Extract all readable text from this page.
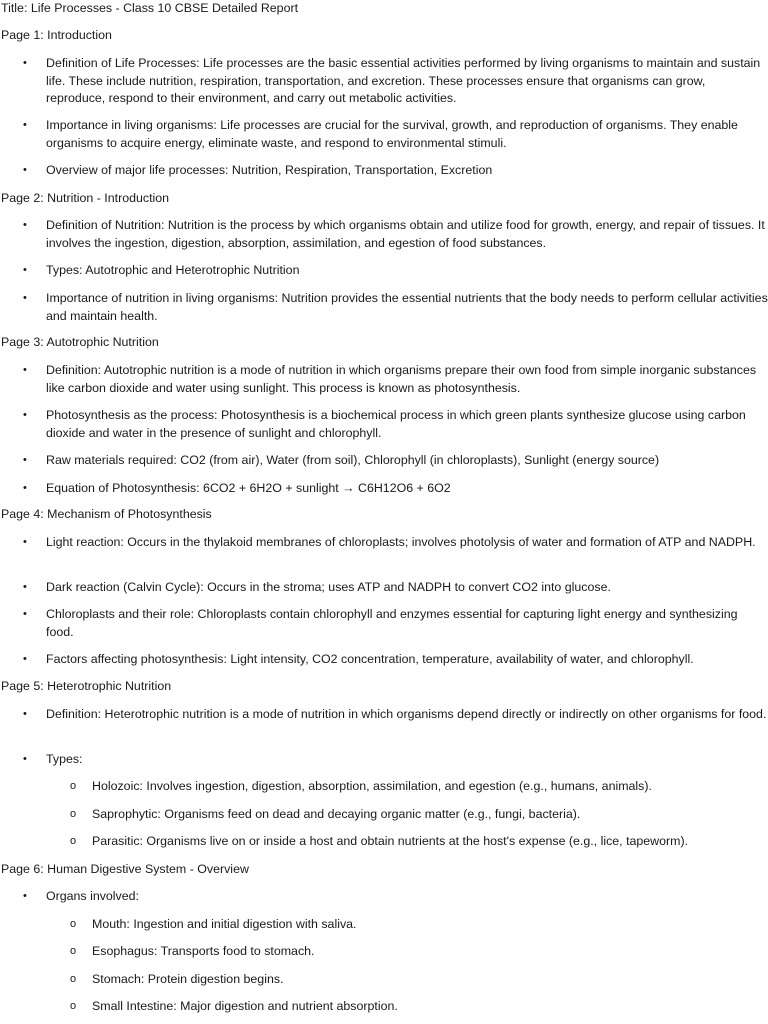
Title: Life Processes - Class 10 CBSE Detailed Report
Page 1: Introduction
•	Definition of Life Processes: Life processes are the basic essential activities performed by living organisms to maintain and sustain life. These include nutrition, respiration, transportation, and excretion. These processes ensure that organisms can grow, reproduce, respond to their environment, and carry out metabolic activities.
•	Importance in living organisms: Life processes are crucial for the survival, growth, and reproduction of organisms. They enable organisms to acquire energy, eliminate waste, and respond to environmental stimuli.
•	Overview of major life processes: Nutrition, Respiration, Transportation, Excretion
Page 2: Nutrition - Introduction
•	Definition of Nutrition: Nutrition is the process by which organisms obtain and utilize food for growth, energy, and repair of tissues. It involves the ingestion, digestion, absorption, assimilation, and egestion of food substances.
•	Types: Autotrophic and Heterotrophic Nutrition
•	Importance of nutrition in living organisms: Nutrition provides the essential nutrients that the body needs to perform cellular activities and maintain health.
Page 3: Autotrophic Nutrition
•	Definition: Autotrophic nutrition is a mode of nutrition in which organisms prepare their own food from simple inorganic substances like carbon dioxide and water using sunlight. This process is known as photosynthesis.
•	Photosynthesis as the process: Photosynthesis is a biochemical process in which green plants synthesize glucose using carbon dioxide and water in the presence of sunlight and chlorophyll.
•	Raw materials required: CO2 (from air), Water (from soil), Chlorophyll (in chloroplasts), Sunlight (energy source)
•	Equation of Photosynthesis: 6CO2 + 6H2O + sunlight → C6H12O6 + 6O2
Page 4: Mechanism of Photosynthesis
•	Light reaction: Occurs in the thylakoid membranes of chloroplasts; involves photolysis of water and formation of ATP and NADPH.
•	Dark reaction (Calvin Cycle): Occurs in the stroma; uses ATP and NADPH to convert CO2 into glucose.
•	Chloroplasts and their role: Chloroplasts contain chlorophyll and enzymes essential for capturing light energy and synthesizing food.
•	Factors affecting photosynthesis: Light intensity, CO2 concentration, temperature, availability of water, and chlorophyll.
Page 5: Heterotrophic Nutrition
•	Definition: Heterotrophic nutrition is a mode of nutrition in which organisms depend directly or indirectly on other organisms for food.
•	Types:
o	Holozoic: Involves ingestion, digestion, absorption, assimilation, and egestion (e.g., humans, animals).
o	Saprophytic: Organisms feed on dead and decaying organic matter (e.g., fungi, bacteria).
o	Parasitic: Organisms live on or inside a host and obtain nutrients at the host's expense (e.g., lice, tapeworm).
Page 6: Human Digestive System - Overview
•	Organs involved:
o	Mouth: Ingestion and initial digestion with saliva.
o	Esophagus: Transports food to stomach.
o	Stomach: Protein digestion begins.
o	Small Intestine: Major digestion and nutrient absorption.
